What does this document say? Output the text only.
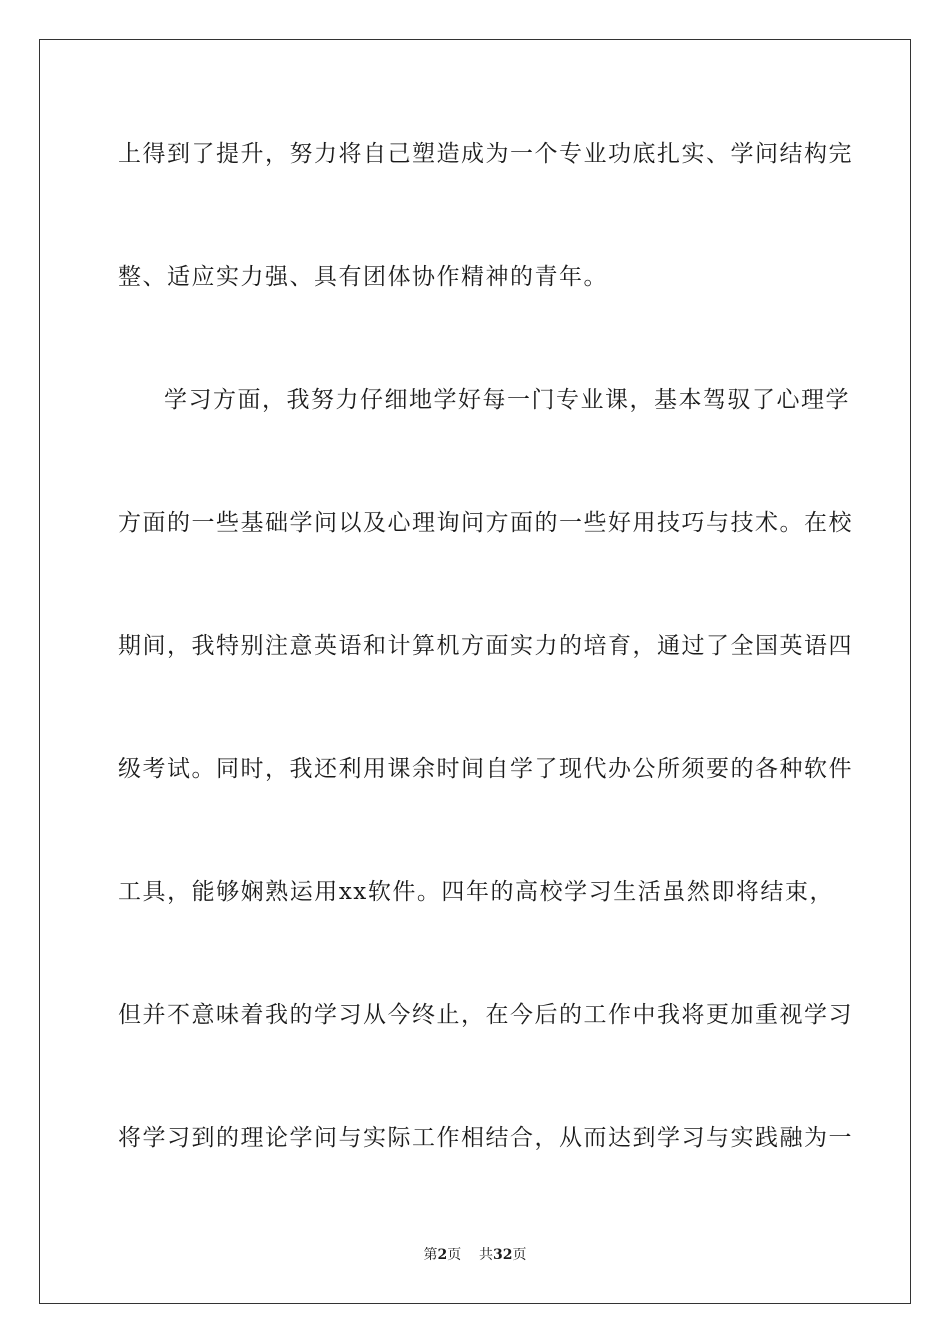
上得到了提升，努力将自己塑造成为一个专业功底扎实、学问结构完
整、适应实力强、具有团体协作精神的青年。
学习方面，我努力仔细地学好每一门专业课，基本驾驭了心理学
方面的一些基础学问以及心理询问方面的一些好用技巧与技术。在校
期间，我特别注意英语和计算机方面实力的培育，通过了全国英语四
级考试。同时，我还利用课余时间自学了现代办公所须要的各种软件
工具，能够娴熟运用xx软件。四年的高校学习生活虽然即将结束，
但并不意味着我的学习从今终止，在今后的工作中我将更加重视学习
将学习到的理论学问与实际工作相结合，从而达到学习与实践融为一
第2页 共32页
